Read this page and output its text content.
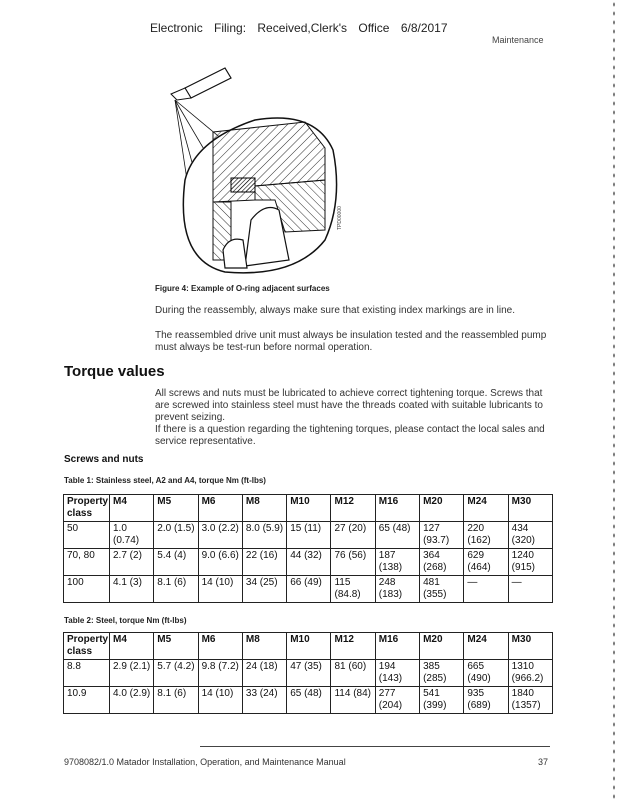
Electronic Filing: Received,Clerk's Office 6/8/2017
Maintenance
TPD00000
Figure 4: Example of O-ring adjacent surfaces
During the reassembly, always make sure that existing index markings are in line.
The reassembled drive unit must always be insulation tested and the reassembled pump must always be test-run before normal operation.
Torque values
All screws and nuts must be lubricated to achieve correct tightening torque. Screws that are screwed into stainless steel must have the threads coated with suitable lubricants to prevent seizing.
If there is a question regarding the tightening torques, please contact the local sales and service representative.
Screws and nuts
Table 1: Stainless steel, A2 and A4, torque Nm (ft-lbs)
Property class	M4	M5	M6	M8	M10	M12	M16	M20	M24	M30
50	1.0 (0.74)	2.0 (1.5)	3.0 (2.2)	8.0 (5.9)	15 (11)	27 (20)	65 (48)	127 (93.7)	220 (162)	434 (320)
70, 80	2.7 (2)	5.4 (4)	9.0 (6.6)	22 (16)	44 (32)	76 (56)	187 (138)	364 (268)	629 (464)	1240 (915)
100	4.1 (3)	8.1 (6)	14 (10)	34 (25)	66 (49)	115 (84.8)	248 (183)	481 (355)	—	—
Table 2: Steel, torque Nm (ft-lbs)
Property class	M4	M5	M6	M8	M10	M12	M16	M20	M24	M30
8.8	2.9 (2.1)	5.7 (4.2)	9.8 (7.2)	24 (18)	47 (35)	81 (60)	194 (143)	385 (285)	665 (490)	1310 (966.2)
10.9	4.0 (2.9)	8.1 (6)	14 (10)	33 (24)	65 (48)	114 (84)	277 (204)	541 (399)	935 (689)	1840 (1357)
9708082/1.0 Matador Installation, Operation, and Maintenance Manual	37
